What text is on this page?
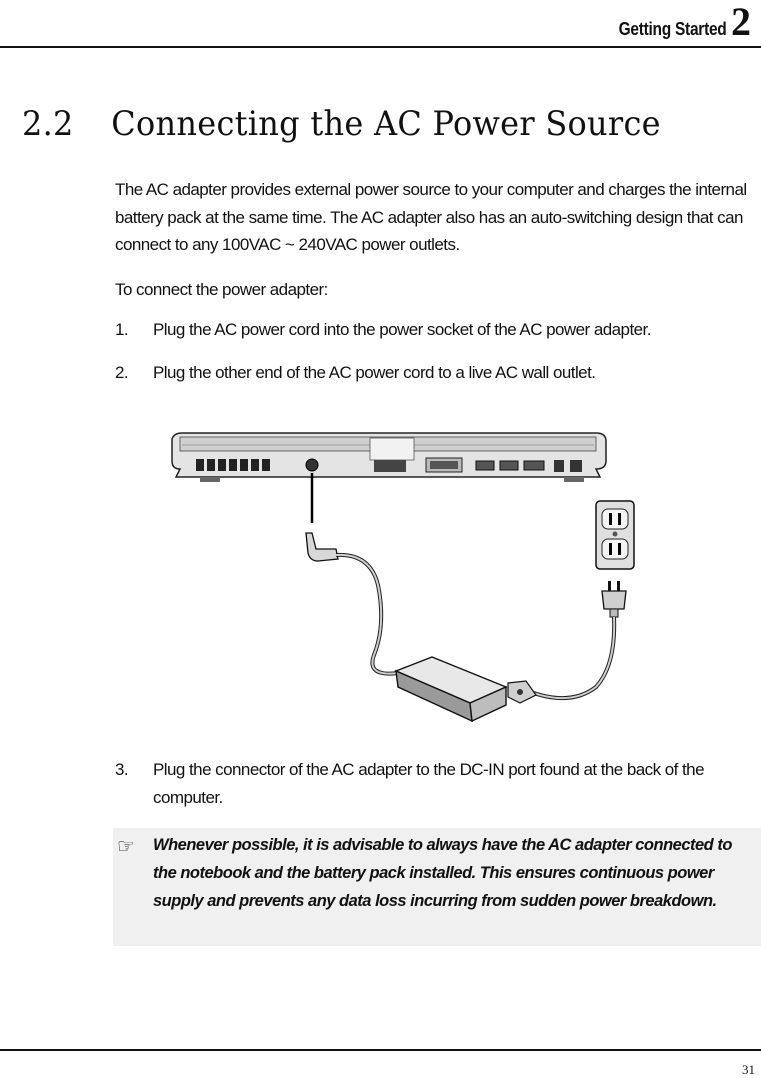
Getting Started 2
2.2 Connecting the AC Power Source

The AC adapter provides external power source to your computer and charges the internal battery pack at the same time. The AC adapter also has an auto-switching design that can connect to any 100VAC ~ 240VAC power outlets.

To connect the power adapter:

1.	Plug the AC power cord into the power socket of the AC power adapter.
2.	Plug the other end of the AC power cord to a live AC wall outlet.
3.	Plug the connector of the AC adapter to the DC-IN port found at the back of the computer.
☞ Whenever possible, it is advisable to always have the AC adapter connected to the notebook and the battery pack installed. This ensures continuous power supply and prevents any data loss incurring from sudden power breakdown.
31
